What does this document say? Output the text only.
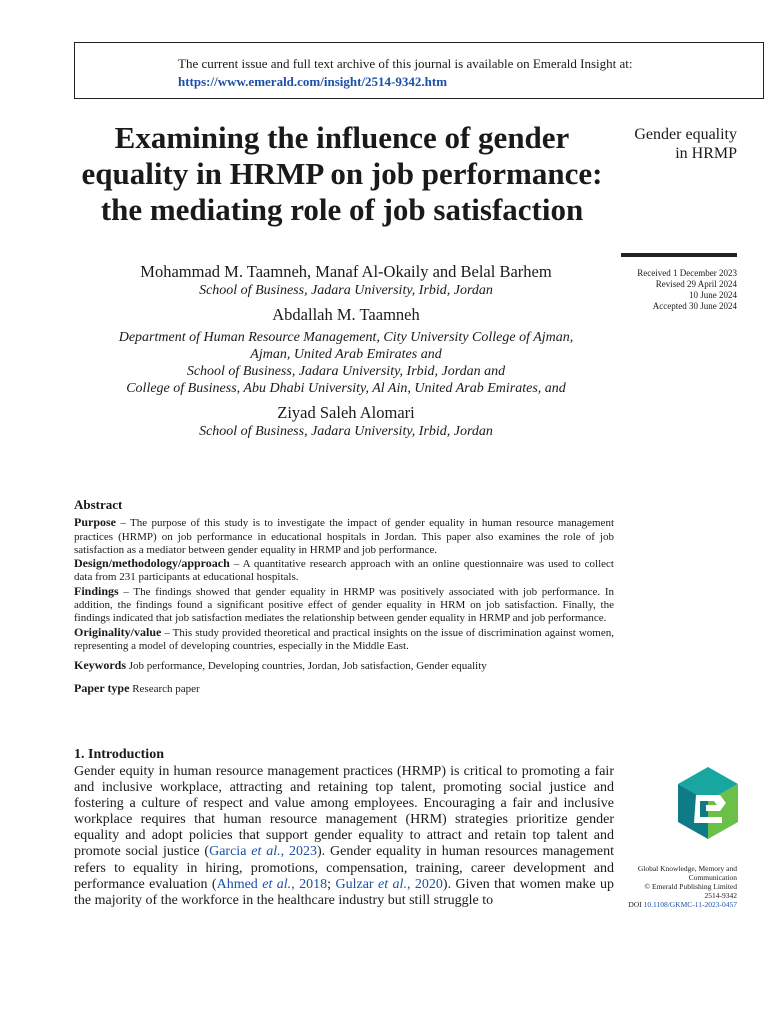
The current issue and full text archive of this journal is available on Emerald Insight at:
https://www.emerald.com/insight/2514-9342.htm
Examining the influence of gender equality in HRMP on job performance: the mediating role of job satisfaction
Gender equality in HRMP
Received 1 December 2023
Revised 29 April 2024
10 June 2024
Accepted 30 June 2024
Mohammad M. Taamneh, Manaf Al-Okaily and Belal Barhem
School of Business, Jadara University, Irbid, Jordan
Abdallah M. Taamneh
Department of Human Resource Management, City University College of Ajman,
Ajman, United Arab Emirates and
School of Business, Jadara University, Irbid, Jordan and
College of Business, Abu Dhabi University, Al Ain, United Arab Emirates, and
Ziyad Saleh Alomari
School of Business, Jadara University, Irbid, Jordan
Abstract

Purpose – The purpose of this study is to investigate the impact of gender equality in human resource management practices (HRMP) on job performance in educational hospitals in Jordan. This paper also examines the role of job satisfaction as a mediator between gender equality in HRMP and job performance.

Design/methodology/approach – A quantitative research approach with an online questionnaire was used to collect data from 231 participants at educational hospitals.

Findings – The findings showed that gender equality in HRMP was positively associated with job performance. In addition, the findings found a significant positive effect of gender equality in HRM on job satisfaction. Finally, the findings indicated that job satisfaction mediates the relationship between gender equality in HRMP and job performance.

Originality/value – This study provided theoretical and practical insights on the issue of discrimination against women, representing a model of developing countries, especially in the Middle East.

Keywords Job performance, Developing countries, Jordan, Job satisfaction, Gender equality

Paper type Research paper

1. Introduction

Gender equity in human resource management practices (HRMP) is critical to promoting a fair and inclusive workplace, attracting and retaining top talent, promoting social justice and fostering a culture of respect and value among employees. Encouraging a fair and inclusive workplace requires that human resource management (HRM) strategies prioritize gender equality and adopt policies that support gender equality to attract and retain top talent and promote social justice (Garcia et al., 2023). Gender equality in human resources management refers to equality in hiring, promotions, compensation, training, career development and performance evaluation (Ahmed et al., 2018; Gulzar et al., 2020). Given that women make up the majority of the workforce in the healthcare industry but still struggle to

Global Knowledge, Memory and
Communication
© Emerald Publishing Limited
2514-9342
DOI 10.1108/GKMC-11-2023-0457
